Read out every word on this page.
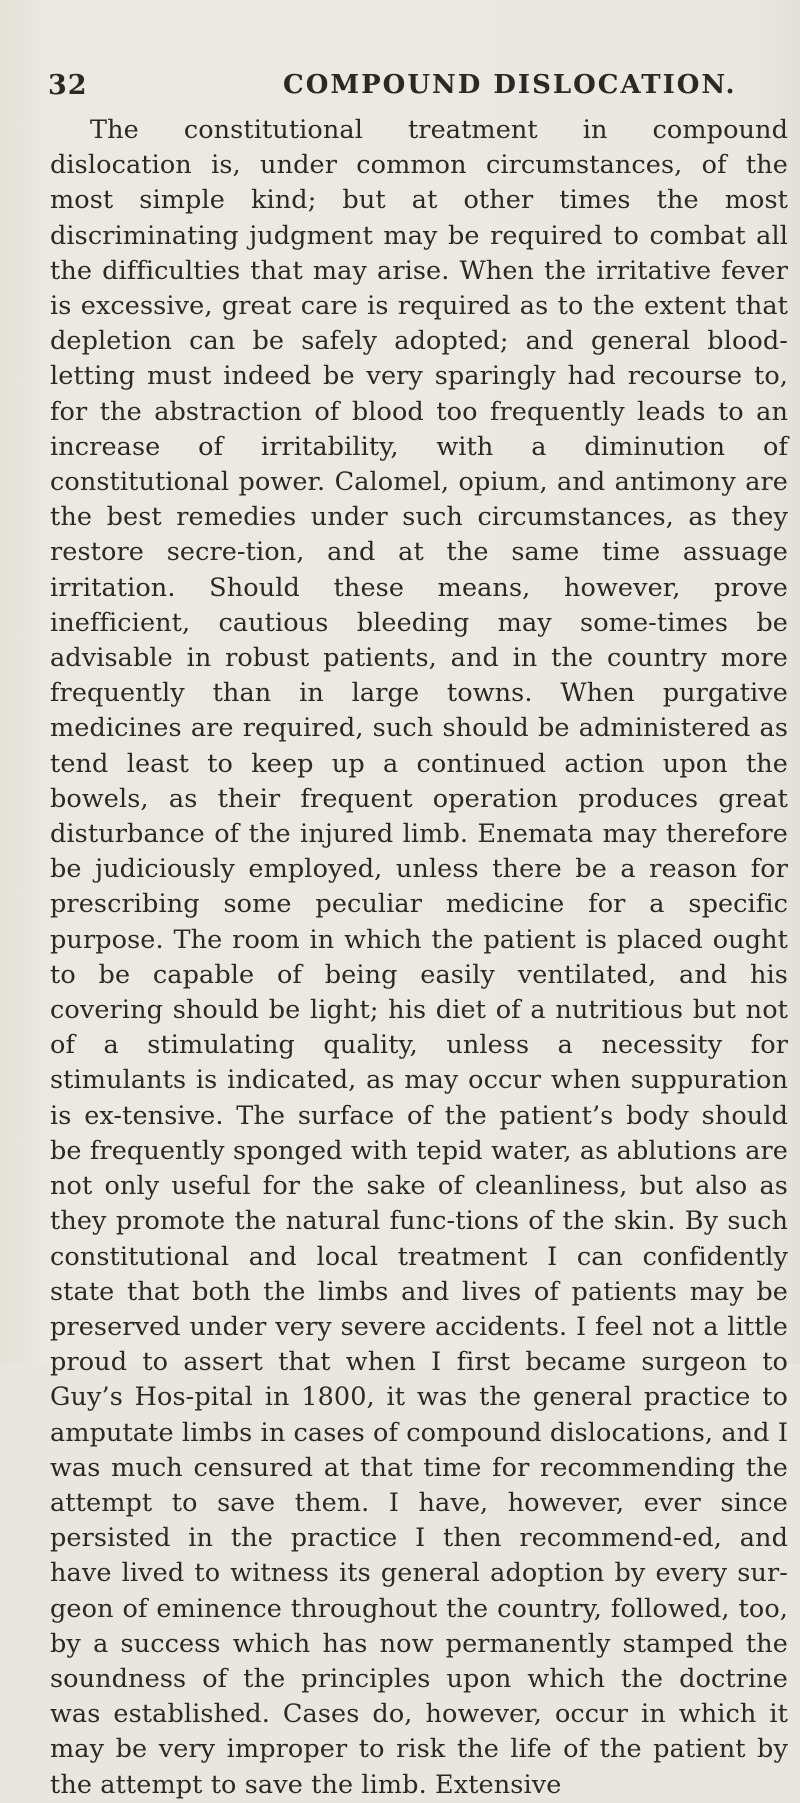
32	COMPOUND DISLOCATION.

The constitutional treatment in compound dislocation is, under common circumstances, of the most simple kind; but at other times the most discriminating judgment may be required to combat all the difficulties that may arise. When the irritative fever is excessive, great care is required as to the extent that depletion can be safely adopted; and general blood-letting must indeed be very sparingly had recourse to, for the abstraction of blood too frequently leads to an increase of irritability, with a diminution of constitutional power. Calomel, opium, and antimony are the best remedies under such circumstances, as they restore secre-tion, and at the same time assuage irritation. Should these means, however, prove inefficient, cautious bleeding may some-times be advisable in robust patients, and in the country more frequently than in large towns. When purgative medicines are required, such should be administered as tend least to keep up a continued action upon the bowels, as their frequent operation produces great disturbance of the injured limb. Enemata may therefore be judiciously employed, unless there be a reason for prescribing some peculiar medicine for a specific purpose. The room in which the patient is placed ought to be capable of being easily ventilated, and his covering should be light; his diet of a nutritious but not of a stimulating quality, unless a necessity for stimulants is indicated, as may occur when suppuration is ex-tensive. The surface of the patient’s body should be frequently sponged with tepid water, as ablutions are not only useful for the sake of cleanliness, but also as they promote the natural func-tions of the skin. By such constitutional and local treatment I can confidently state that both the limbs and lives of patients may be preserved under very severe accidents. I feel not a little proud to assert that when I first became surgeon to Guy’s Hos-pital in 1800, it was the general practice to amputate limbs in cases of compound dislocations, and I was much censured at that time for recommending the attempt to save them. I have, however, ever since persisted in the practice I then recommend-ed, and have lived to witness its general adoption by every sur-geon of eminence throughout the country, followed, too, by a success which has now permanently stamped the soundness of the principles upon which the doctrine was established. Cases do, however, occur in which it may be very improper to risk the life of the patient by the attempt to save the limb. Extensive
